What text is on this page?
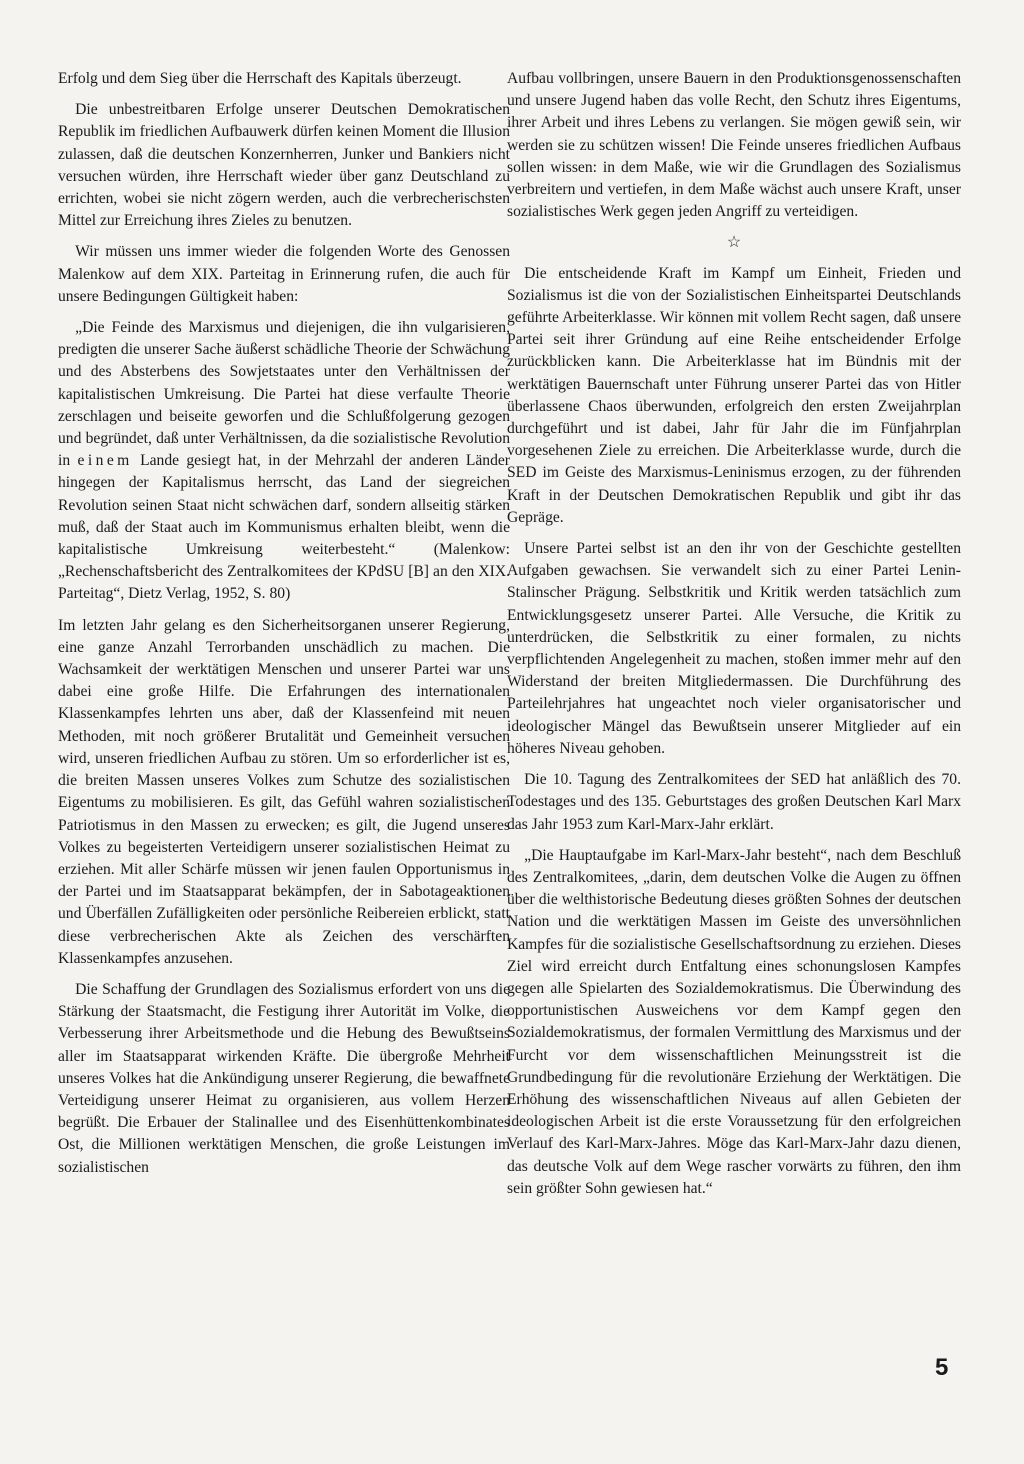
Erfolg und dem Sieg über die Herrschaft des Kapitals überzeugt.

Die unbestreitbaren Erfolge unserer Deutschen Demokratischen Republik im friedlichen Aufbauwerk dürfen keinen Moment die Illusion zulassen, daß die deutschen Konzernherren, Junker und Bankiers nicht versuchen würden, ihre Herrschaft wieder über ganz Deutschland zu errichten, wobei sie nicht zögern werden, auch die verbrecherischsten Mittel zur Erreichung ihres Zieles zu benutzen.

Wir müssen uns immer wieder die folgenden Worte des Genossen Malenkow auf dem XIX. Parteitag in Erinnerung rufen, die auch für unsere Bedingungen Gültigkeit haben:

„Die Feinde des Marxismus und diejenigen, die ihn vulgarisieren, predigten die unserer Sache äußerst schädliche Theorie der Schwächung und des Absterbens des Sowjetstaates unter den Verhältnissen der kapitalistischen Umkreisung. Die Partei hat diese verfaulte Theorie zerschlagen und beiseite geworfen und die Schlußfolgerung gezogen und begründet, daß unter Verhältnissen, da die sozialistische Revolution in einem Lande gesiegt hat, in der Mehrzahl der anderen Länder hingegen der Kapitalismus herrscht, das Land der siegreichen Revolution seinen Staat nicht schwächen darf, sondern allseitig stärken muß, daß der Staat auch im Kommunismus erhalten bleibt, wenn die kapitalistische Umkreisung weiterbesteht.“ (Malenkow: „Rechenschaftsbericht des Zentralkomitees der KPdSU [B] an den XIX. Parteitag“, Dietz Verlag, 1952, S. 80)

Im letzten Jahr gelang es den Sicherheitsorganen unserer Regierung, eine ganze Anzahl Terrorbanden unschädlich zu machen. Die Wachsamkeit der werktätigen Menschen und unserer Partei war uns dabei eine große Hilfe. Die Erfahrungen des internationalen Klassenkampfes lehrten uns aber, daß der Klassenfeind mit neuen Methoden, mit noch größerer Brutalität und Gemeinheit versuchen wird, unseren friedlichen Aufbau zu stören. Um so erforderlicher ist es, die breiten Massen unseres Volkes zum Schutze des sozialistischen Eigentums zu mobilisieren. Es gilt, das Gefühl wahren sozialistischen Patriotismus in den Massen zu erwecken; es gilt, die Jugend unseres Volkes zu begeisterten Verteidigern unserer sozialistischen Heimat zu erziehen. Mit aller Schärfe müssen wir jenen faulen Opportunismus in der Partei und im Staatsapparat bekämpfen, der in Sabotageaktionen und Überfällen Zufälligkeiten oder persönliche Reibereien erblickt, statt diese verbrecherischen Akte als Zeichen des verschärften Klassenkampfes anzusehen.

Die Schaffung der Grundlagen des Sozialismus erfordert von uns die Stärkung der Staatsmacht, die Festigung ihrer Autorität im Volke, die Verbesserung ihrer Arbeitsmethode und die Hebung des Bewußtseins aller im Staatsapparat wirkenden Kräfte. Die übergroße Mehrheit unseres Volkes hat die Ankündigung unserer Regierung, die bewaffnete Verteidigung unserer Heimat zu organisieren, aus vollem Herzen begrüßt. Die Erbauer der Stalinallee und des Eisenhüttenkombinates Ost, die Millionen werktätigen Menschen, die große Leistungen im sozialistischen

Aufbau vollbringen, unsere Bauern in den Produktionsgenossenschaften und unsere Jugend haben das volle Recht, den Schutz ihres Eigentums, ihrer Arbeit und ihres Lebens zu verlangen. Sie mögen gewiß sein, wir werden sie zu schützen wissen! Die Feinde unseres friedlichen Aufbaus sollen wissen: in dem Maße, wie wir die Grundlagen des Sozialismus verbreitern und vertiefen, in dem Maße wächst auch unsere Kraft, unser sozialistisches Werk gegen jeden Angriff zu verteidigen.

☆

Die entscheidende Kraft im Kampf um Einheit, Frieden und Sozialismus ist die von der Sozialistischen Einheitspartei Deutschlands geführte Arbeiterklasse. Wir können mit vollem Recht sagen, daß unsere Partei seit ihrer Gründung auf eine Reihe entscheidender Erfolge zurückblicken kann. Die Arbeiterklasse hat im Bündnis mit der werktätigen Bauernschaft unter Führung unserer Partei das von Hitler überlassene Chaos überwunden, erfolgreich den ersten Zweijahrplan durchgeführt und ist dabei, Jahr für Jahr die im Fünfjahrplan vorgesehenen Ziele zu erreichen. Die Arbeiterklasse wurde, durch die SED im Geiste des Marxismus-Leninismus erzogen, zu der führenden Kraft in der Deutschen Demokratischen Republik und gibt ihr das Gepräge.

Unsere Partei selbst ist an den ihr von der Geschichte gestellten Aufgaben gewachsen. Sie verwandelt sich zu einer Partei Lenin-Stalinscher Prägung. Selbstkritik und Kritik werden tatsächlich zum Entwicklungsgesetz unserer Partei. Alle Versuche, die Kritik zu unterdrücken, die Selbstkritik zu einer formalen, zu nichts verpflichtenden Angelegenheit zu machen, stoßen immer mehr auf den Widerstand der breiten Mitgliedermassen. Die Durchführung des Parteilehrjahres hat ungeachtet noch vieler organisatorischer und ideologischer Mängel das Bewußtsein unserer Mitglieder auf ein höheres Niveau gehoben.

Die 10. Tagung des Zentralkomitees der SED hat anläßlich des 70. Todestages und des 135. Geburtstages des großen Deutschen Karl Marx das Jahr 1953 zum Karl-Marx-Jahr erklärt.

„Die Hauptaufgabe im Karl-Marx-Jahr besteht“, nach dem Beschluß des Zentralkomitees, „darin, dem deutschen Volke die Augen zu öffnen über die welthistorische Bedeutung dieses größten Sohnes der deutschen Nation und die werktätigen Massen im Geiste des unversöhnlichen Kampfes für die sozialistische Gesellschaftsordnung zu erziehen. Dieses Ziel wird erreicht durch Entfaltung eines schonungslosen Kampfes gegen alle Spielarten des Sozialdemokratismus. Die Überwindung des opportunistischen Ausweichens vor dem Kampf gegen den Sozialdemokratismus, der formalen Vermittlung des Marxismus und der Furcht vor dem wissenschaftlichen Meinungsstreit ist die Grundbedingung für die revolutionäre Erziehung der Werktätigen. Die Erhöhung des wissenschaftlichen Niveaus auf allen Gebieten der ideologischen Arbeit ist die erste Voraussetzung für den erfolgreichen Verlauf des Karl-Marx-Jahres. Möge das Karl-Marx-Jahr dazu dienen, das deutsche Volk auf dem Wege rascher vorwärts zu führen, den ihm sein größter Sohn gewiesen hat.“

5
